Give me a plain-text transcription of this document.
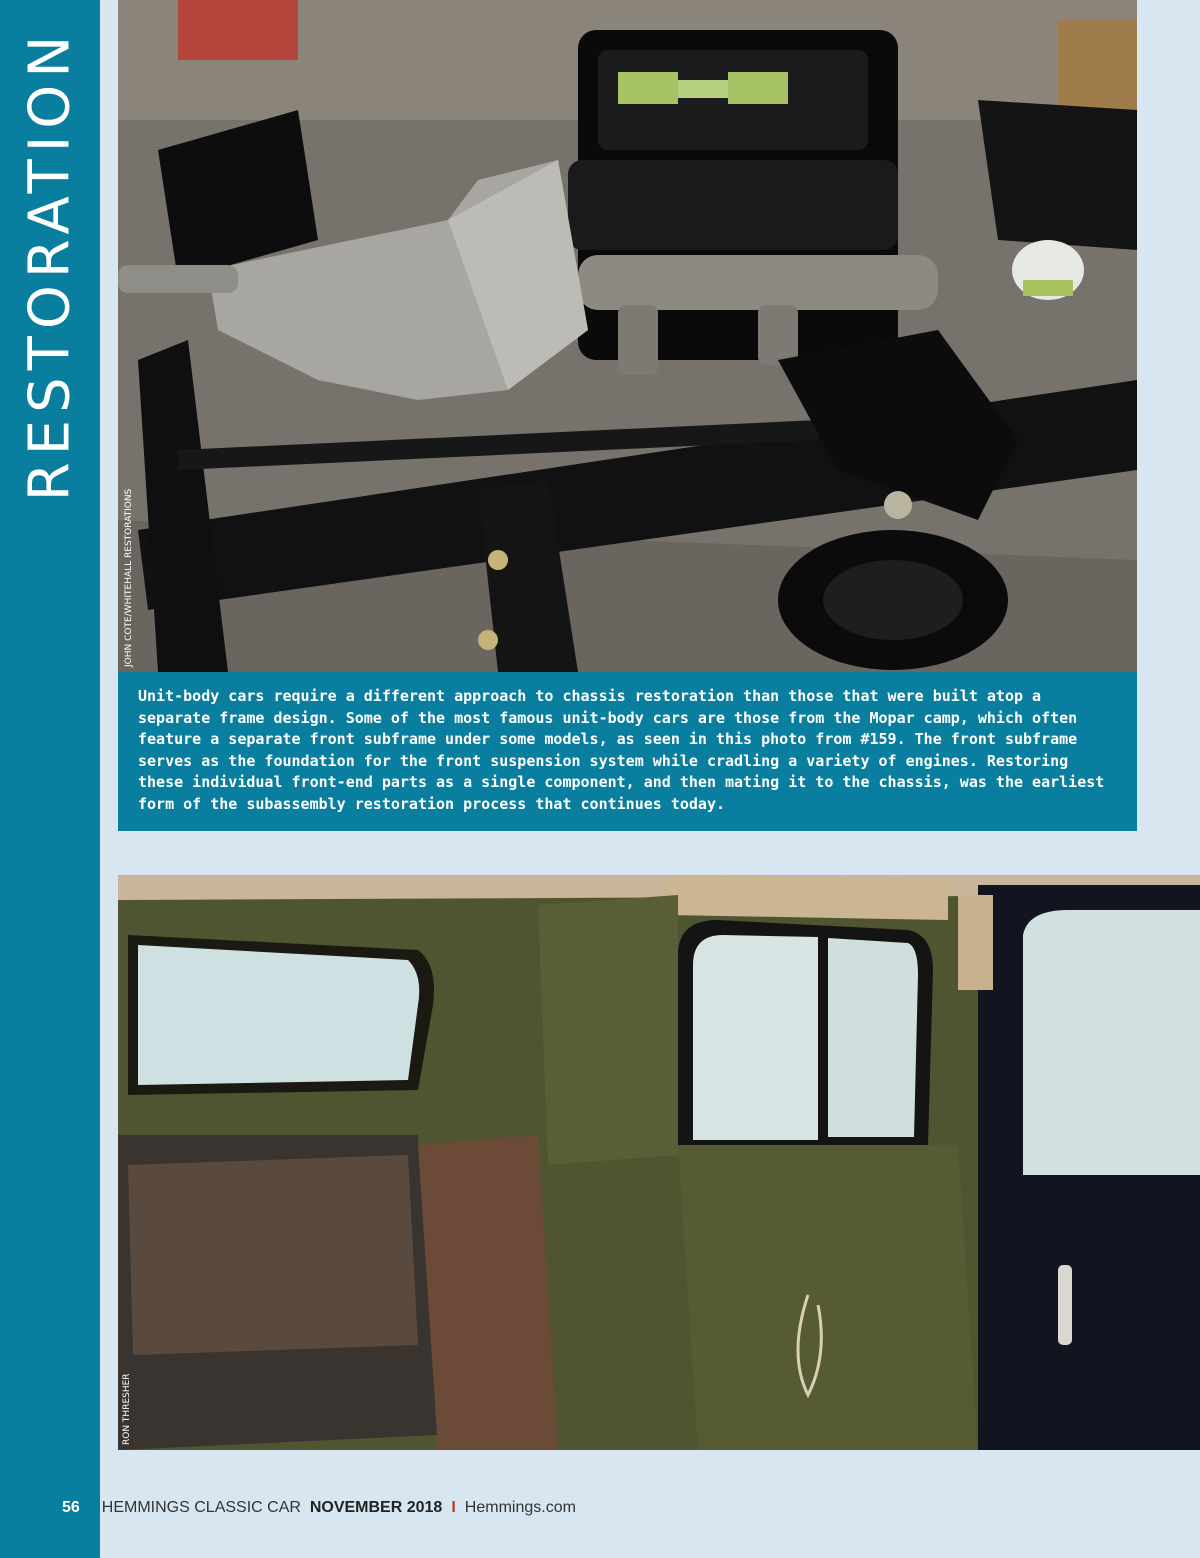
RESTORATION
JOHN COTE/WHITEHALL RESTORATIONS

Unit-body cars require a different approach to chassis restoration than those that were built atop a separate frame design. Some of the most famous unit-body cars are those from the Mopar camp, which often feature a separate front subframe under some models, as seen in this photo from #159. The front subframe serves as the foundation for the front suspension system while cradling a variety of engines. Restoring these individual front-end parts as a single component, and then mating it to the chassis, was the earliest form of the subassembly restoration process that continues today.

RON THRESHER
56 HEMMINGS CLASSIC CAR NOVEMBER 2018 I Hemmings.com
